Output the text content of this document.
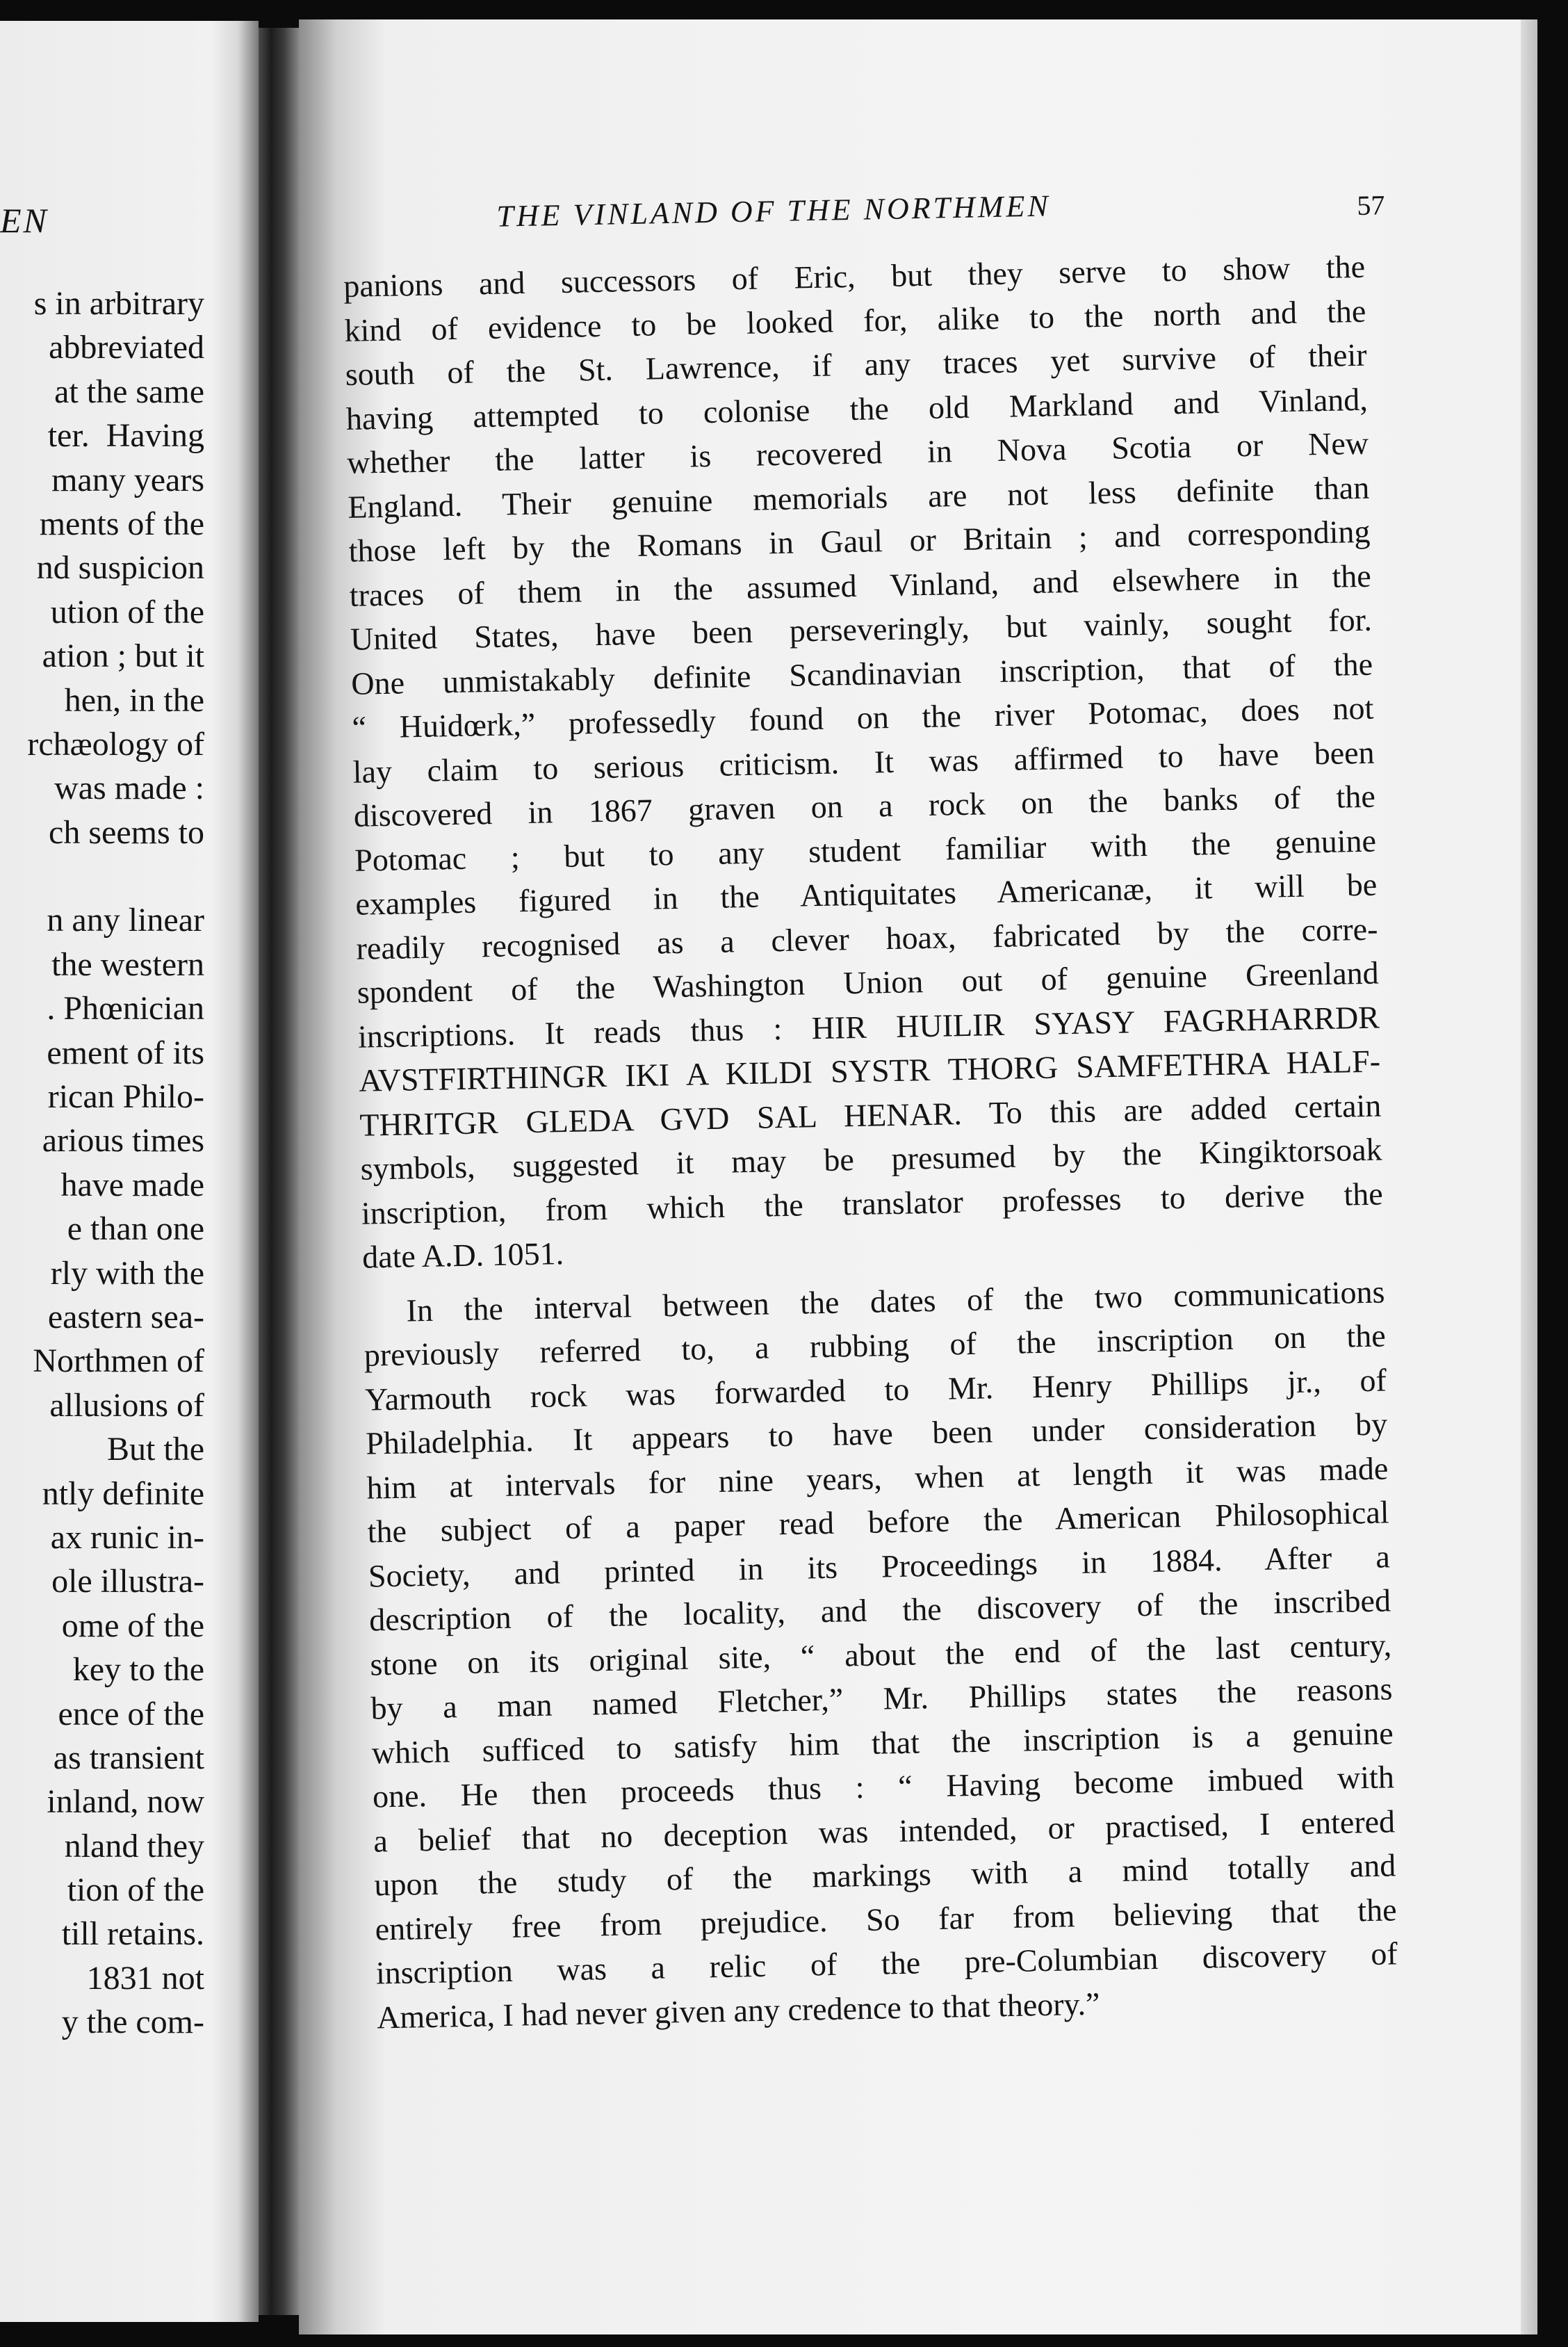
EN
s in arbitrary
abbreviated
at the same
ter.  Having
many years
ments of the
nd suspicion
ution of the
ation ; but it
hen, in the
rchæology of
was made :
ch seems to
n any linear
the western
. Phœnician
ement of its
rican Philo-
arious times
have made
e than one
rly with the
eastern sea-
Northmen of
allusions of
But the
ntly definite
ax runic in-
ole illustra-
ome of the
key to the
ence of the
as transient
inland, now
nland they
tion of the
till retains.
1831 not
y the com-
THE VINLAND OF THE NORTHMEN	57
panions and successors of Eric, but they serve to show the
kind of evidence to be looked for, alike to the north and the
south of the St. Lawrence, if any traces yet survive of their
having attempted to colonise the old Markland and Vinland,
whether the latter is recovered in Nova Scotia or New
England. Their genuine memorials are not less definite than
those left by the Romans in Gaul or Britain ; and corresponding
traces of them in the assumed Vinland, and elsewhere in the
United States, have been perseveringly, but vainly, sought for.
One unmistakably definite Scandinavian inscription, that of the
“ Huidœrk,” professedly found on the river Potomac, does not
lay claim to serious criticism. It was affirmed to have been
discovered in 1867 graven on a rock on the banks of the
Potomac ; but to any student familiar with the genuine
examples figured in the Antiquitates Americanæ, it will be
readily recognised as a clever hoax, fabricated by the corre-
spondent of the Washington Union out of genuine Greenland
inscriptions. It reads thus : HIR HUILIR SYASY FAGRHARRDR
AVSTFIRTHINGR IKI A KILDI SYSTR THORG SAMFETHRA HALF-
THRITGR GLEDA GVD SAL HENAR. To this are added certain
symbols, suggested it may be presumed by the Kingiktorsoak
inscription, from which the translator professes to derive the
date A.D. 1051.
In the interval between the dates of the two communications
previously referred to, a rubbing of the inscription on the
Yarmouth rock was forwarded to Mr. Henry Phillips jr., of
Philadelphia. It appears to have been under consideration by
him at intervals for nine years, when at length it was made
the subject of a paper read before the American Philosophical
Society, and printed in its Proceedings in 1884. After a
description of the locality, and the discovery of the inscribed
stone on its original site, “ about the end of the last century,
by a man named Fletcher,” Mr. Phillips states the reasons
which sufficed to satisfy him that the inscription is a genuine
one. He then proceeds thus : “ Having become imbued with
a belief that no deception was intended, or practised, I entered
upon the study of the markings with a mind totally and
entirely free from prejudice. So far from believing that the
inscription was a relic of the pre-Columbian discovery of
America, I had never given any credence to that theory.”
